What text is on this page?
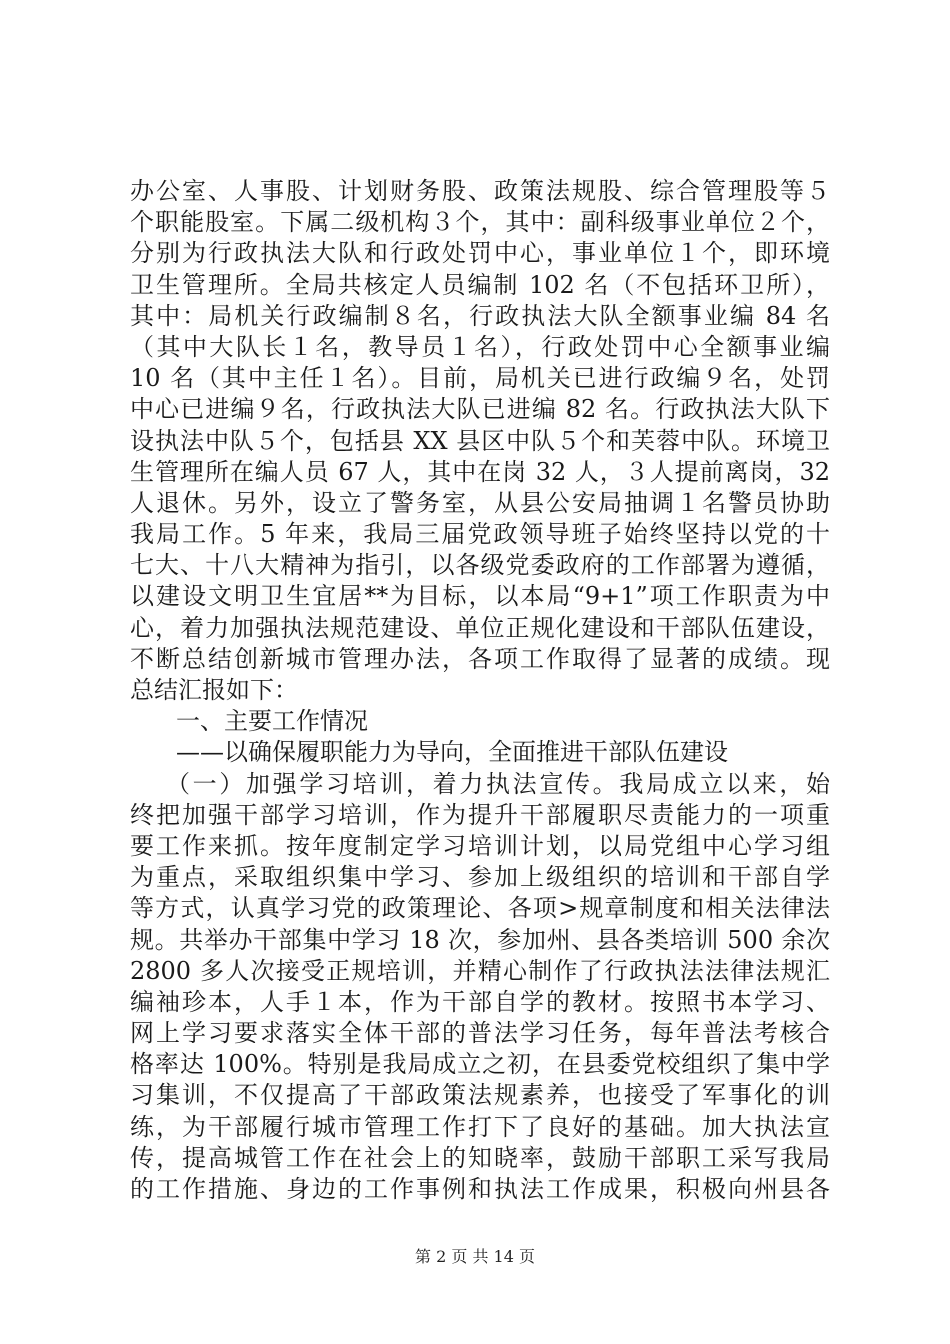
办公室、人事股、计划财务股、政策法规股、综合管理股等５
个职能股室。下属二级机构３个，其中：副科级事业单位２个，
分别为行政执法大队和行政处罚中心，事业单位１个，即环境
卫生管理所。全局共核定人员编制 102 名（不包括环卫所），
其中：局机关行政编制８名，行政执法大队全额事业编 84 名
（其中大队长１名，教导员１名），行政处罚中心全额事业编
10 名（其中主任１名）。目前，局机关已进行政编９名，处罚
中心已进编９名，行政执法大队已进编 82 名。行政执法大队下
设执法中队５个，包括县 XX 县区中队５个和芙蓉中队。环境卫
生管理所在编人员 67 人，其中在岗 32 人，３人提前离岗，32
人退休。另外，设立了警务室，从县公安局抽调１名警员协助
我局工作。5 年来，我局三届党政领导班子始终坚持以党的十
七大、十八大精神为指引，以各级党委政府的工作部署为遵循，
以建设文明卫生宜居**为目标，以本局“9+1”项工作职责为中
心，着力加强执法规范建设、单位正规化建设和干部队伍建设，
不断总结创新城市管理办法，各项工作取得了显著的成绩。现
总结汇报如下：
一、主要工作情况
——以确保履职能力为导向，全面推进干部队伍建设
（一）加强学习培训，着力执法宣传。我局成立以来，始
终把加强干部学习培训，作为提升干部履职尽责能力的一项重
要工作来抓。按年度制定学习培训计划，以局党组中心学习组
为重点，采取组织集中学习、参加上级组织的培训和干部自学
等方式，认真学习党的政策理论、各项>规章制度和相关法律法
规。共举办干部集中学习 18 次，参加州、县各类培训 500 余次
2800 多人次接受正规培训，并精心制作了行政执法法律法规汇
编袖珍本，人手１本，作为干部自学的教材。按照书本学习、
网上学习要求落实全体干部的普法学习任务，每年普法考核合
格率达 100%。特别是我局成立之初，在县委党校组织了集中学
习集训，不仅提高了干部政策法规素养，也接受了军事化的训
练，为干部履行城市管理工作打下了良好的基础。加大执法宣
传，提高城管工作在社会上的知晓率，鼓励干部职工采写我局
的工作措施、身边的工作事例和执法工作成果，积极向州县各
第 2 页 共 14 页
